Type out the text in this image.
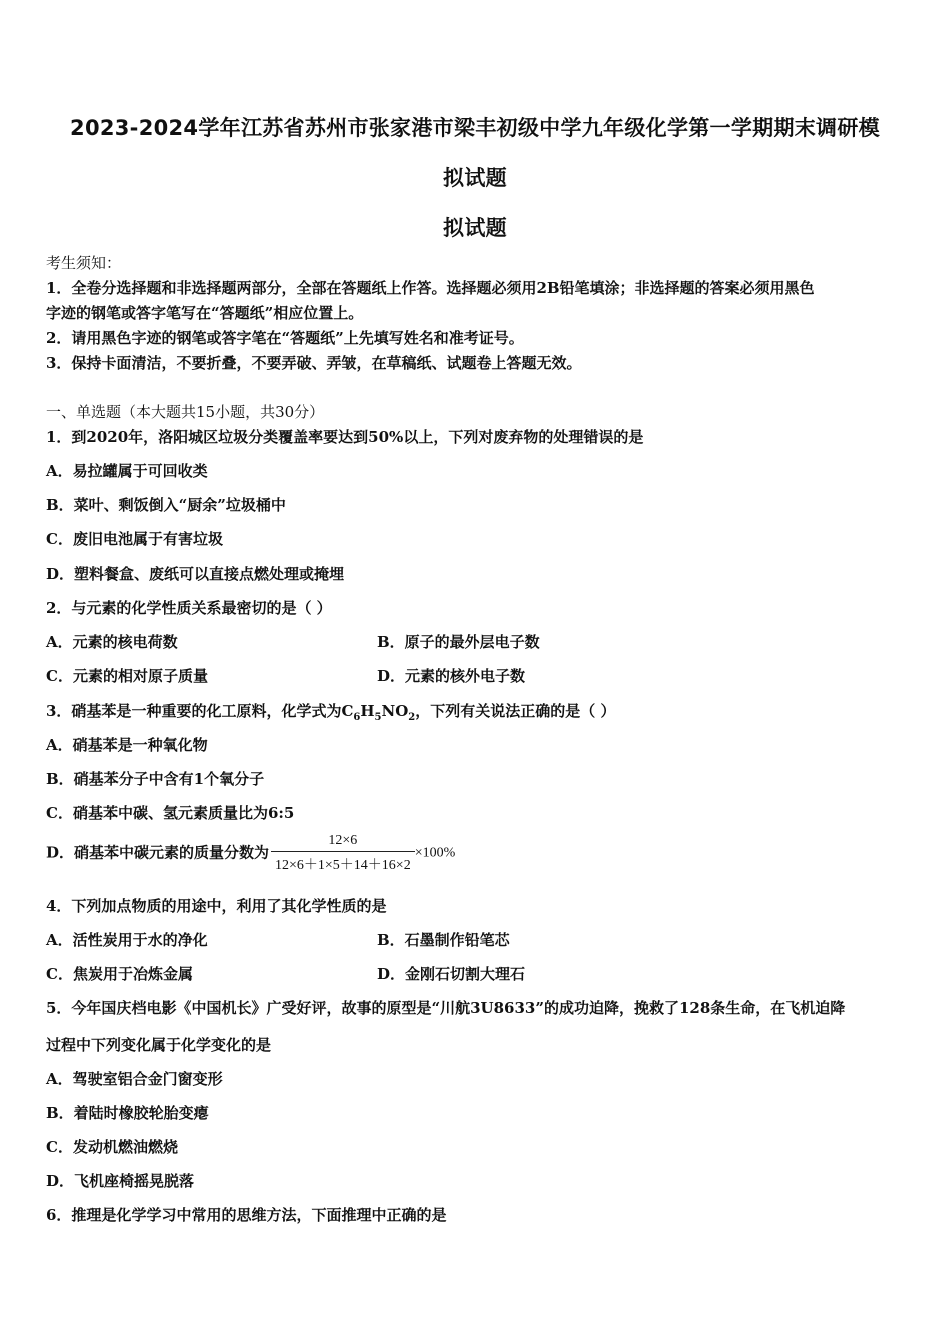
2023-2024学年江苏省苏州市张家港市梁丰初级中学九年级化学第一学期期末调研模
拟试题
拟试题
考生须知：
1．全卷分选择题和非选择题两部分，全部在答题纸上作答。选择题必须用2B铅笔填涂；非选择题的答案必须用黑色
字迹的钢笔或答字笔写在“答题纸”相应位置上。
2．请用黑色字迹的钢笔或答字笔在“答题纸”上先填写姓名和准考证号。
3．保持卡面清洁，不要折叠，不要弄破、弄皱，在草稿纸、试题卷上答题无效。
一、单选题（本大题共15小题，共30分）
1．到2020年，洛阳城区垃圾分类覆盖率要达到50%以上，下列对废弃物的处理错误的是
A．易拉罐属于可回收类
B．菜叶、剩饭倒入“厨余”垃圾桶中
C．废旧电池属于有害垃圾
D．塑料餐盒、废纸可以直接点燃处理或掩埋
2．与元素的化学性质关系最密切的是（ ）
A．元素的核电荷数	B．原子的最外层电子数
C．元素的相对原子质量	D．元素的核外电子数
3．硝基苯是一种重要的化工原料，化学式为$C_6H_5NO_2$，下列有关说法正确的是（ ）
A．硝基苯是一种氧化物
B．硝基苯分子中含有1个氧分子
C．硝基苯中碳、氢元素质量比为6:5
D．硝基苯中碳元素的质量分数为 $\frac{12\times 6}{12\times 6+1\times 5+14+16\times 2} \times 100\%$
4．下列加点物质的用途中，利用了其化学性质的是
A．活性炭用于水的净化	B．石墨制作铅笔芯
C．焦炭用于冶炼金属	D．金刚石切割大理石
5．今年国庆档电影《中国机长》广受好评，故事的原型是“川航3U8633”的成功迫降，挽救了128条生命，在飞机迫降
过程中下列变化属于化学变化的是
A．驾驶室铝合金门窗变形
B．着陆时橡胶轮胎变瘪
C．发动机燃油燃烧
D．飞机座椅摇晃脱落
6．推理是化学学习中常用的思维方法，下面推理中正确的是
